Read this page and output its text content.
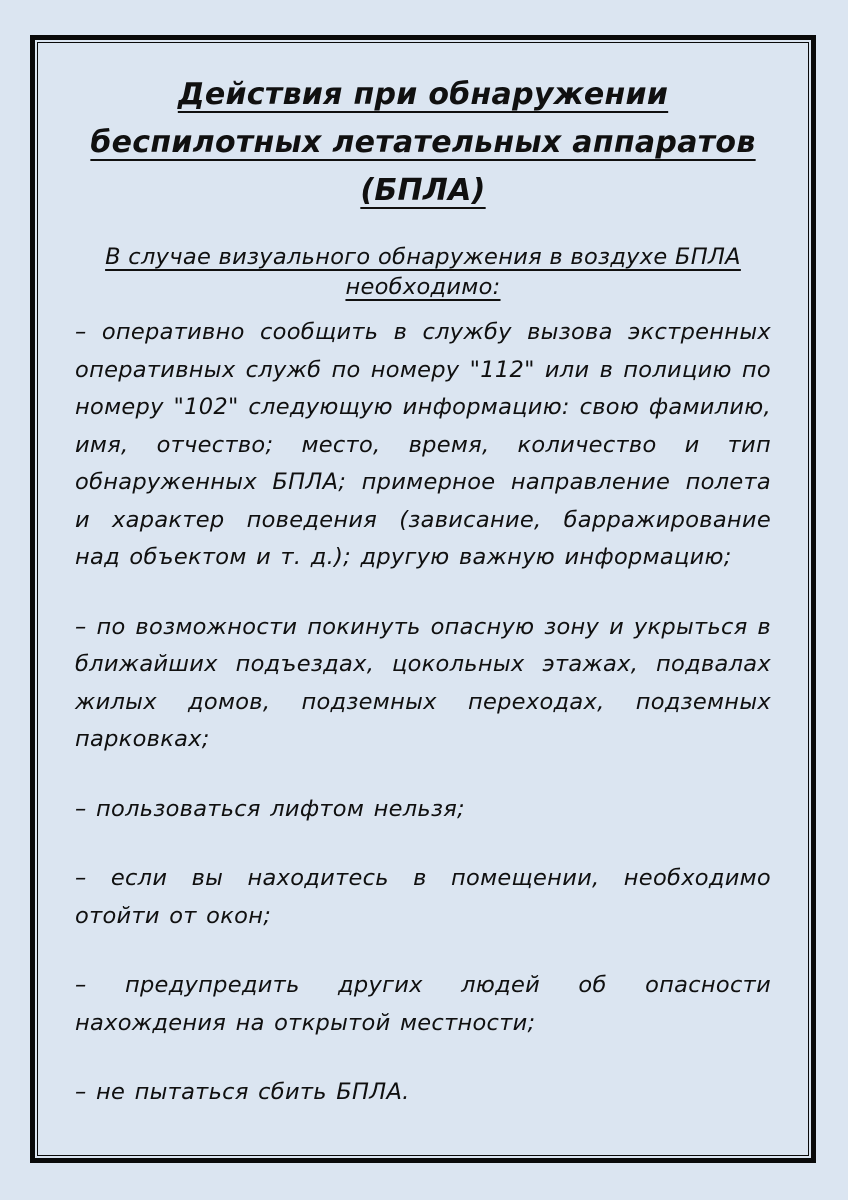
Действия при обнаружении
беспилотных летательных аппаратов
(БПЛА)
В случае визуального обнаружения в воздухе БПЛА необходимо:

– оперативно сообщить в службу вызова экстренных оперативных служб по номеру "112" или в полицию по номеру "102" следующую информацию: свою фамилию, имя, отчество; место, время, количество и тип обнаруженных БПЛА; примерное направление полета и характер поведения (зависание, барражирование над объектом и т. д.); другую важную информацию;

– по возможности покинуть опасную зону и укрыться в ближайших подъездах, цокольных этажах, подвалах жилых домов, подземных переходах, подземных парковках;

– пользоваться лифтом нельзя;

– если вы находитесь в помещении, необходимо отойти от окон;

– предупредить других людей об опасности нахождения на открытой местности;

– не пытаться сбить БПЛА.
